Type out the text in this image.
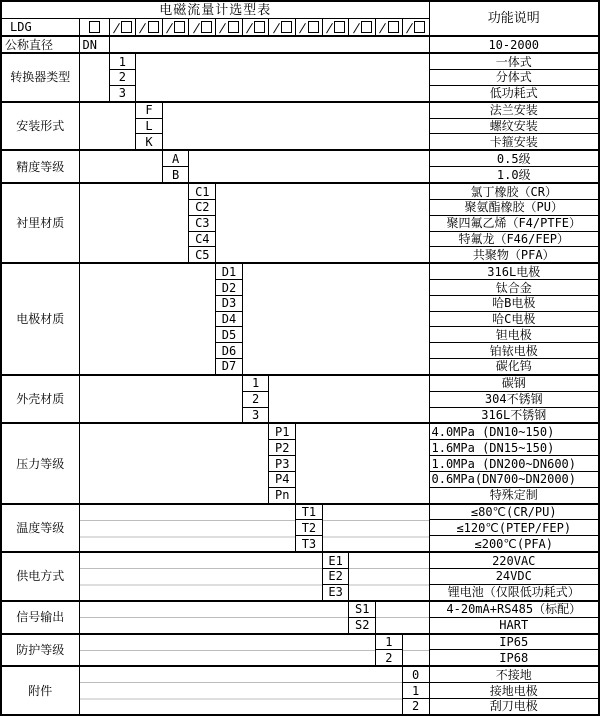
电磁流量计选型表														功能说明
LDG		/	/	/	/	/	/	/	/	/	/	/	/	
公称直径	DN													10-2000
转换器类型		1												一体式
		2												分体式
		3												低功耗式
安装形式			F											法兰安装
			L											螺纹安装
			K											卡箍安装
精度等级				A										0.5级
				B										1.0级
衬里材质					C1									氯丁橡胶（CR）
					C2									聚氨酯橡胶（PU）
					C3									聚四氟乙烯（F4/PTFE）
					C4									特氟龙（F46/FEP）
					C5									共聚物（PFA）
电极材质						D1								316L电极
						D2								钛合金
						D3								哈B电极
						D4								哈C电极
						D5								钽电极
						D6								铂铱电极
						D7								碳化钨
外壳材质							1							碳钢
							2							304不锈钢
							3							316L不锈钢
压力等级								P1						4.0MPa (DN10~150)
								P2						1.6MPa (DN15~150)
								P3						1.0MPa (DN200~DN600)
								P4						0.6MPa(DN700~DN2000)
								Pn						特殊定制
温度等级									T1					≤80℃(CR/PU)
									T2					≤120℃(PTEP/FEP)
									T3					≤200℃(PFA)
供电方式										E1				220VAC
										E2				24VDC
										E3				锂电池（仅限低功耗式）
信号输出											S1			4-20mA+RS485（标配）
											S2			HART
防护等级												1		IP65
												2		IP68
附件													0	不接地
													1	接地电极
													2	刮刀电极
